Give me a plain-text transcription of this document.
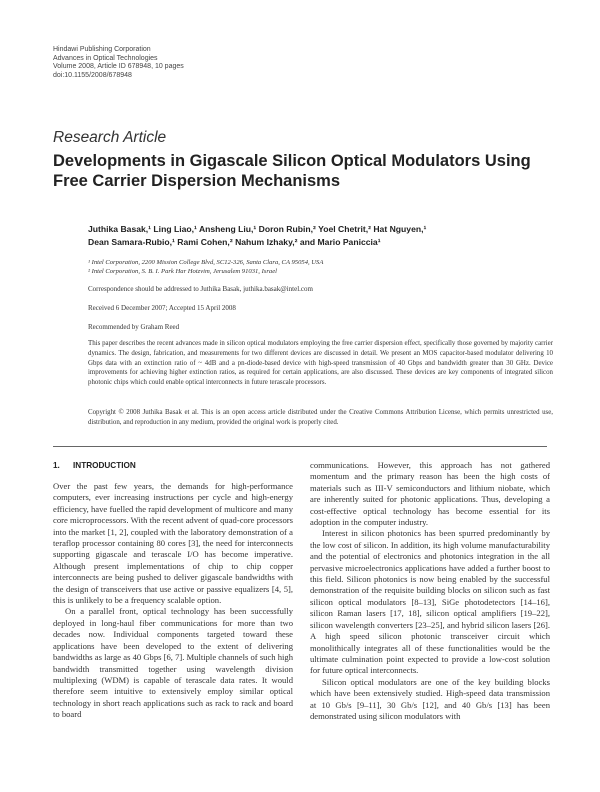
Hindawi Publishing Corporation
Advances in Optical Technologies
Volume 2008, Article ID 678948, 10 pages
doi:10.1155/2008/678948
Research Article
Developments in Gigascale Silicon Optical Modulators Using Free Carrier Dispersion Mechanisms
Juthika Basak,¹ Ling Liao,¹ Ansheng Liu,¹ Doron Rubin,² Yoel Chetrit,² Hat Nguyen,¹
Dean Samara-Rubio,¹ Rami Cohen,² Nahum Izhaky,² and Mario Paniccia¹
¹ Intel Corporation, 2200 Mission College Blvd, SC12-326, Santa Clara, CA 95054, USA
² Intel Corporation, S. B. I. Park Har Hotzvim, Jerusalem 91031, Israel
Correspondence should be addressed to Juthika Basak, juthika.basak@intel.com
Received 6 December 2007; Accepted 15 April 2008
Recommended by Graham Reed
This paper describes the recent advances made in silicon optical modulators employing the free carrier dispersion effect, specifically those governed by majority carrier dynamics. The design, fabrication, and measurements for two different devices are discussed in detail. We present an MOS capacitor-based modulator delivering 10 Gbps data with an extinction ratio of ~ 4dB and a pn-diode-based device with high-speed transmission of 40 Gbps and bandwidth greater than 30 GHz. Device improvements for achieving higher extinction ratios, as required for certain applications, are also discussed. These devices are key components of integrated silicon photonic chips which could enable optical interconnects in future terascale processors.
Copyright © 2008 Juthika Basak et al. This is an open access article distributed under the Creative Commons Attribution License, which permits unrestricted use, distribution, and reproduction in any medium, provided the original work is properly cited.
1. INTRODUCTION

Over the past few years, the demands for high-performance computers, ever increasing instructions per cycle and high-energy efficiency, have fuelled the rapid development of multicore and many core microprocessors. With the recent advent of quad-core processors into the market [1, 2], coupled with the laboratory demonstration of a teraflop processor containing 80 cores [3], the need for interconnects supporting gigascale and terascale I/O has become imperative. Although present implementations of chip to chip copper interconnects are being pushed to deliver gigascale bandwidths with the design of transceivers that use active or passive equalizers [4, 5], this is unlikely to be a frequency scalable option.

On a parallel front, optical technology has been successfully deployed in long-haul fiber communications for more than two decades now. Individual components targeted toward these applications have been developed to the extent of delivering bandwidths as large as 40 Gbps [6, 7]. Multiple channels of such high bandwidth transmitted together using wavelength division multiplexing (WDM) is capable of terascale data rates. It would therefore seem intuitive to extensively employ similar optical technology in short reach applications such as rack to rack and board to board

communications. However, this approach has not gathered momentum and the primary reason has been the high costs of materials such as III-V semiconductors and lithium niobate, which are inherently suited for photonic applications. Thus, developing a cost-effective optical technology has become essential for its adoption in the computer industry.

Interest in silicon photonics has been spurred predominantly by the low cost of silicon. In addition, its high volume manufacturability and the potential of electronics and photonics integration in the all pervasive microelectronics applications have added a further boost to this field. Silicon photonics is now being enabled by the successful demonstration of the requisite building blocks on silicon such as fast silicon optical modulators [8–13], SiGe photodetectors [14–16], silicon Raman lasers [17, 18], silicon optical amplifiers [19–22], silicon wavelength converters [23–25], and hybrid silicon lasers [26]. A high speed silicon photonic transceiver circuit which monolithically integrates all of these functionalities would be the ultimate culmination point expected to provide a low-cost solution for future optical interconnects.

Silicon optical modulators are one of the key building blocks which have been extensively studied. High-speed data transmission at 10 Gb/s [9–11], 30 Gb/s [12], and 40 Gb/s [13] has been demonstrated using silicon modulators with
